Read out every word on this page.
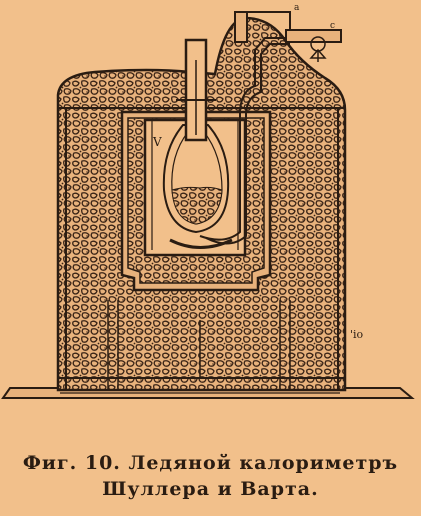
V
a
c
'io
Фиг. 10. Ледяной калориметръ
Шуллера и Варта.
